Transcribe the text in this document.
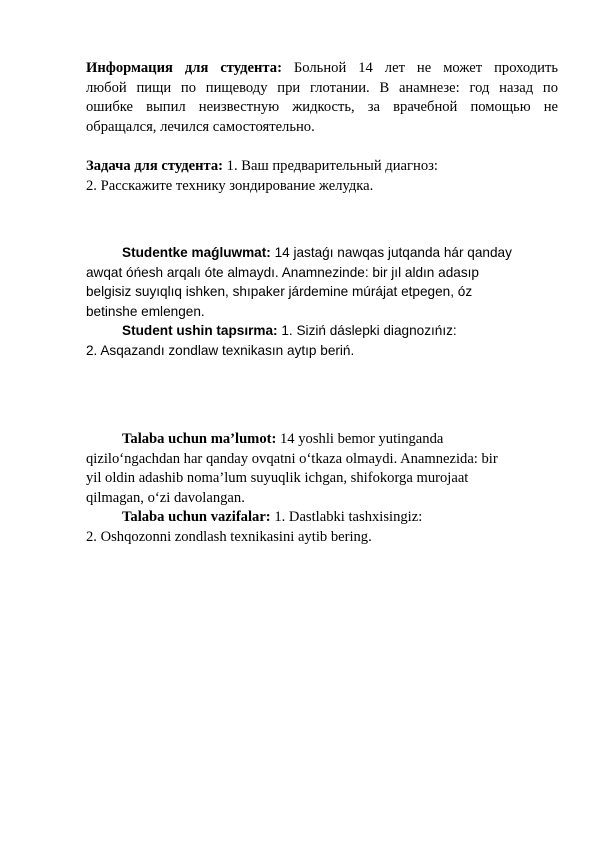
Информация для студента: Больной 14 лет не может проходить
любой пищи по пищеводу при глотании. В анамнезе: год назад по
ошибке выпил неизвестную жидкость, за врачебной помощью не
обращался, лечился самостоятельно.
Задача для студента: 1. Ваш предварительный диагноз:
2. Расскажите технику зондирование желудка.
Studentke maǵluwmat: 14 jastaǵı nawqas jutqanda hár qanday
awqat óńesh arqalı óte almaydı. Anamnezinde: bir jıl aldın adasıp
belgisiz suyıqlıq ishken, shıpaker járdemine múrájat etpegen, óz
betinshe emlengen.
Student ushin tapsırma: 1. Siziń dáslepki diagnozıńız:
2. Asqazandı zondlaw texnikasın aytıp beriń.
Talaba uchun ma’lumot: 14 yoshli bemor yutinganda
qizilo‘ngachdan har qanday ovqatni o‘tkaza olmaydi. Anamnezida: bir
yil oldin adashib noma’lum suyuqlik ichgan, shifokorga murojaat
qilmagan, o‘zi davolangan.
Talaba uchun vazifalar: 1. Dastlabki tashxisingiz:
2. Oshqozonni zondlash texnikasini aytib bering.
